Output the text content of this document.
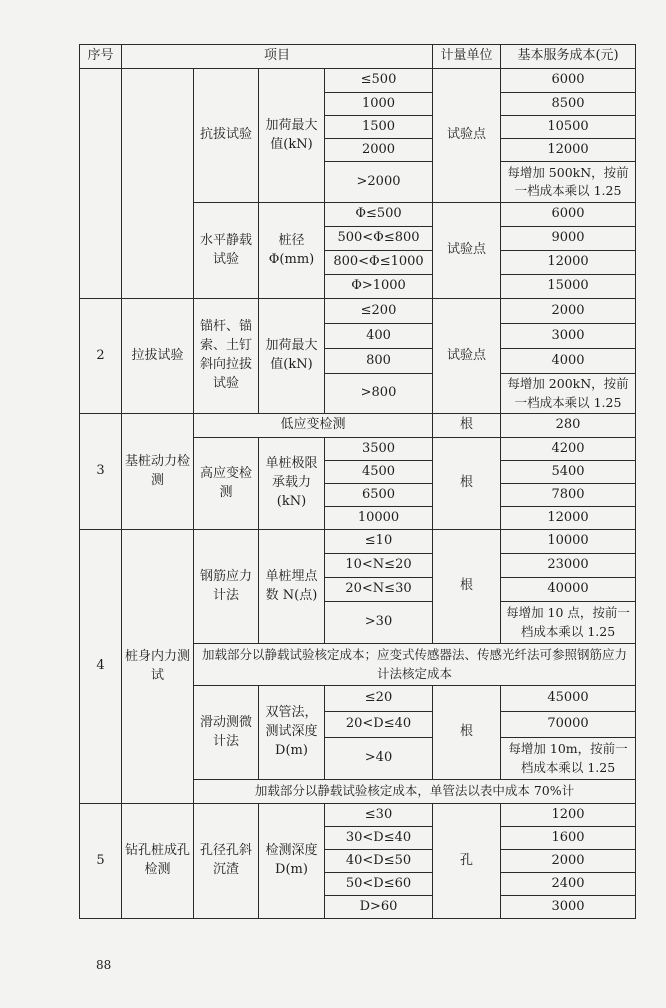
序号	项目				计量单位	基本服务成本(元)
		抗拔试验	加荷最大值(kN)	≤500	试验点	6000
				1000		8500
				1500		10500
				2000		12000
				>2000		每增加 500kN，按前一档成本乘以 1.25
		水平静载试验	桩径Φ(mm)	Φ≤500	试验点	6000
				500<Φ≤800		9000
				800<Φ≤1000		12000
				Φ>1000		15000
2	拉拔试验	锚杆、锚索、土钉斜向拉拔试验	加荷最大值(kN)	≤200	试验点	2000
				400		3000
				800		4000
				>800		每增加 200kN，按前一档成本乘以 1.25
3	基桩动力检测	低应变检测			根	280
		高应变检测	单桩极限承载力(kN)	3500	根	4200
				4500		5400
				6500		7800
				10000		12000
4	桩身内力测试	钢筋应力计法	单桩埋点数 N(点)	≤10	根	10000
				10<N≤20		23000
				20<N≤30		40000
				>30		每增加 10 点，按前一档成本乘以 1.25
		加载部分以静载试验核定成本；应变式传感器法、传感光纤法可参照钢筋应力计法核定成本				
		滑动测微计法	双管法，测试深度D(m)	≤20	根	45000
				20<D≤40		70000
				>40		每增加 10m，按前一档成本乘以 1.25
		加载部分以静载试验核定成本，单管法以表中成本 70%计				
5	钻孔桩成孔检测	孔径孔斜沉渣	检测深度D(m)	≤30	孔	1200
				30<D≤40		1600
				40<D≤50		2000
				50<D≤60		2400
				D>60		3000
88
